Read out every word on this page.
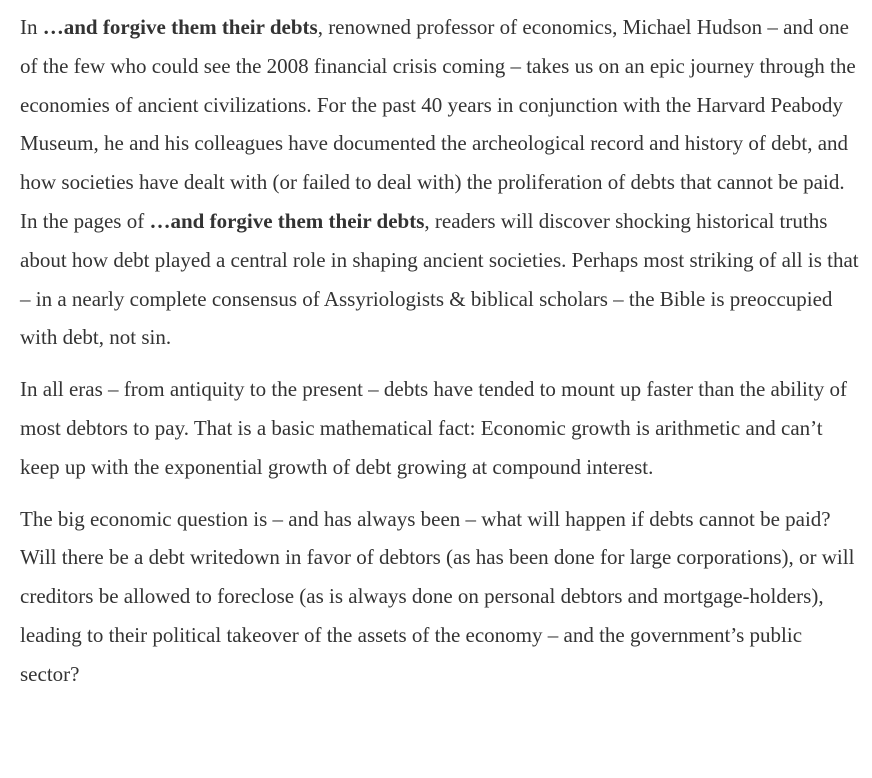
In …and forgive them their debts, renowned professor of economics, Michael Hudson – and one of the few who could see the 2008 financial crisis coming – takes us on an epic journey through the economies of ancient civilizations. For the past 40 years in conjunction with the Harvard Peabody Museum, he and his colleagues have documented the archeological record and history of debt, and how societies have dealt with (or failed to deal with) the proliferation of debts that cannot be paid. In the pages of …and forgive them their debts, readers will discover shocking historical truths about how debt played a central role in shaping ancient societies. Perhaps most striking of all is that – in a nearly complete consensus of Assyriologists & biblical scholars – the Bible is preoccupied with debt, not sin.

In all eras – from antiquity to the present – debts have tended to mount up faster than the ability of most debtors to pay. That is a basic mathematical fact: Economic growth is arithmetic and can’t keep up with the exponential growth of debt growing at compound interest.

The big economic question is – and has always been – what will happen if debts cannot be paid? Will there be a debt writedown in favor of debtors (as has been done for large corporations), or will creditors be allowed to foreclose (as is always done on personal debtors and mortgage-holders), leading to their political takeover of the assets of the economy – and the government’s public sector?
